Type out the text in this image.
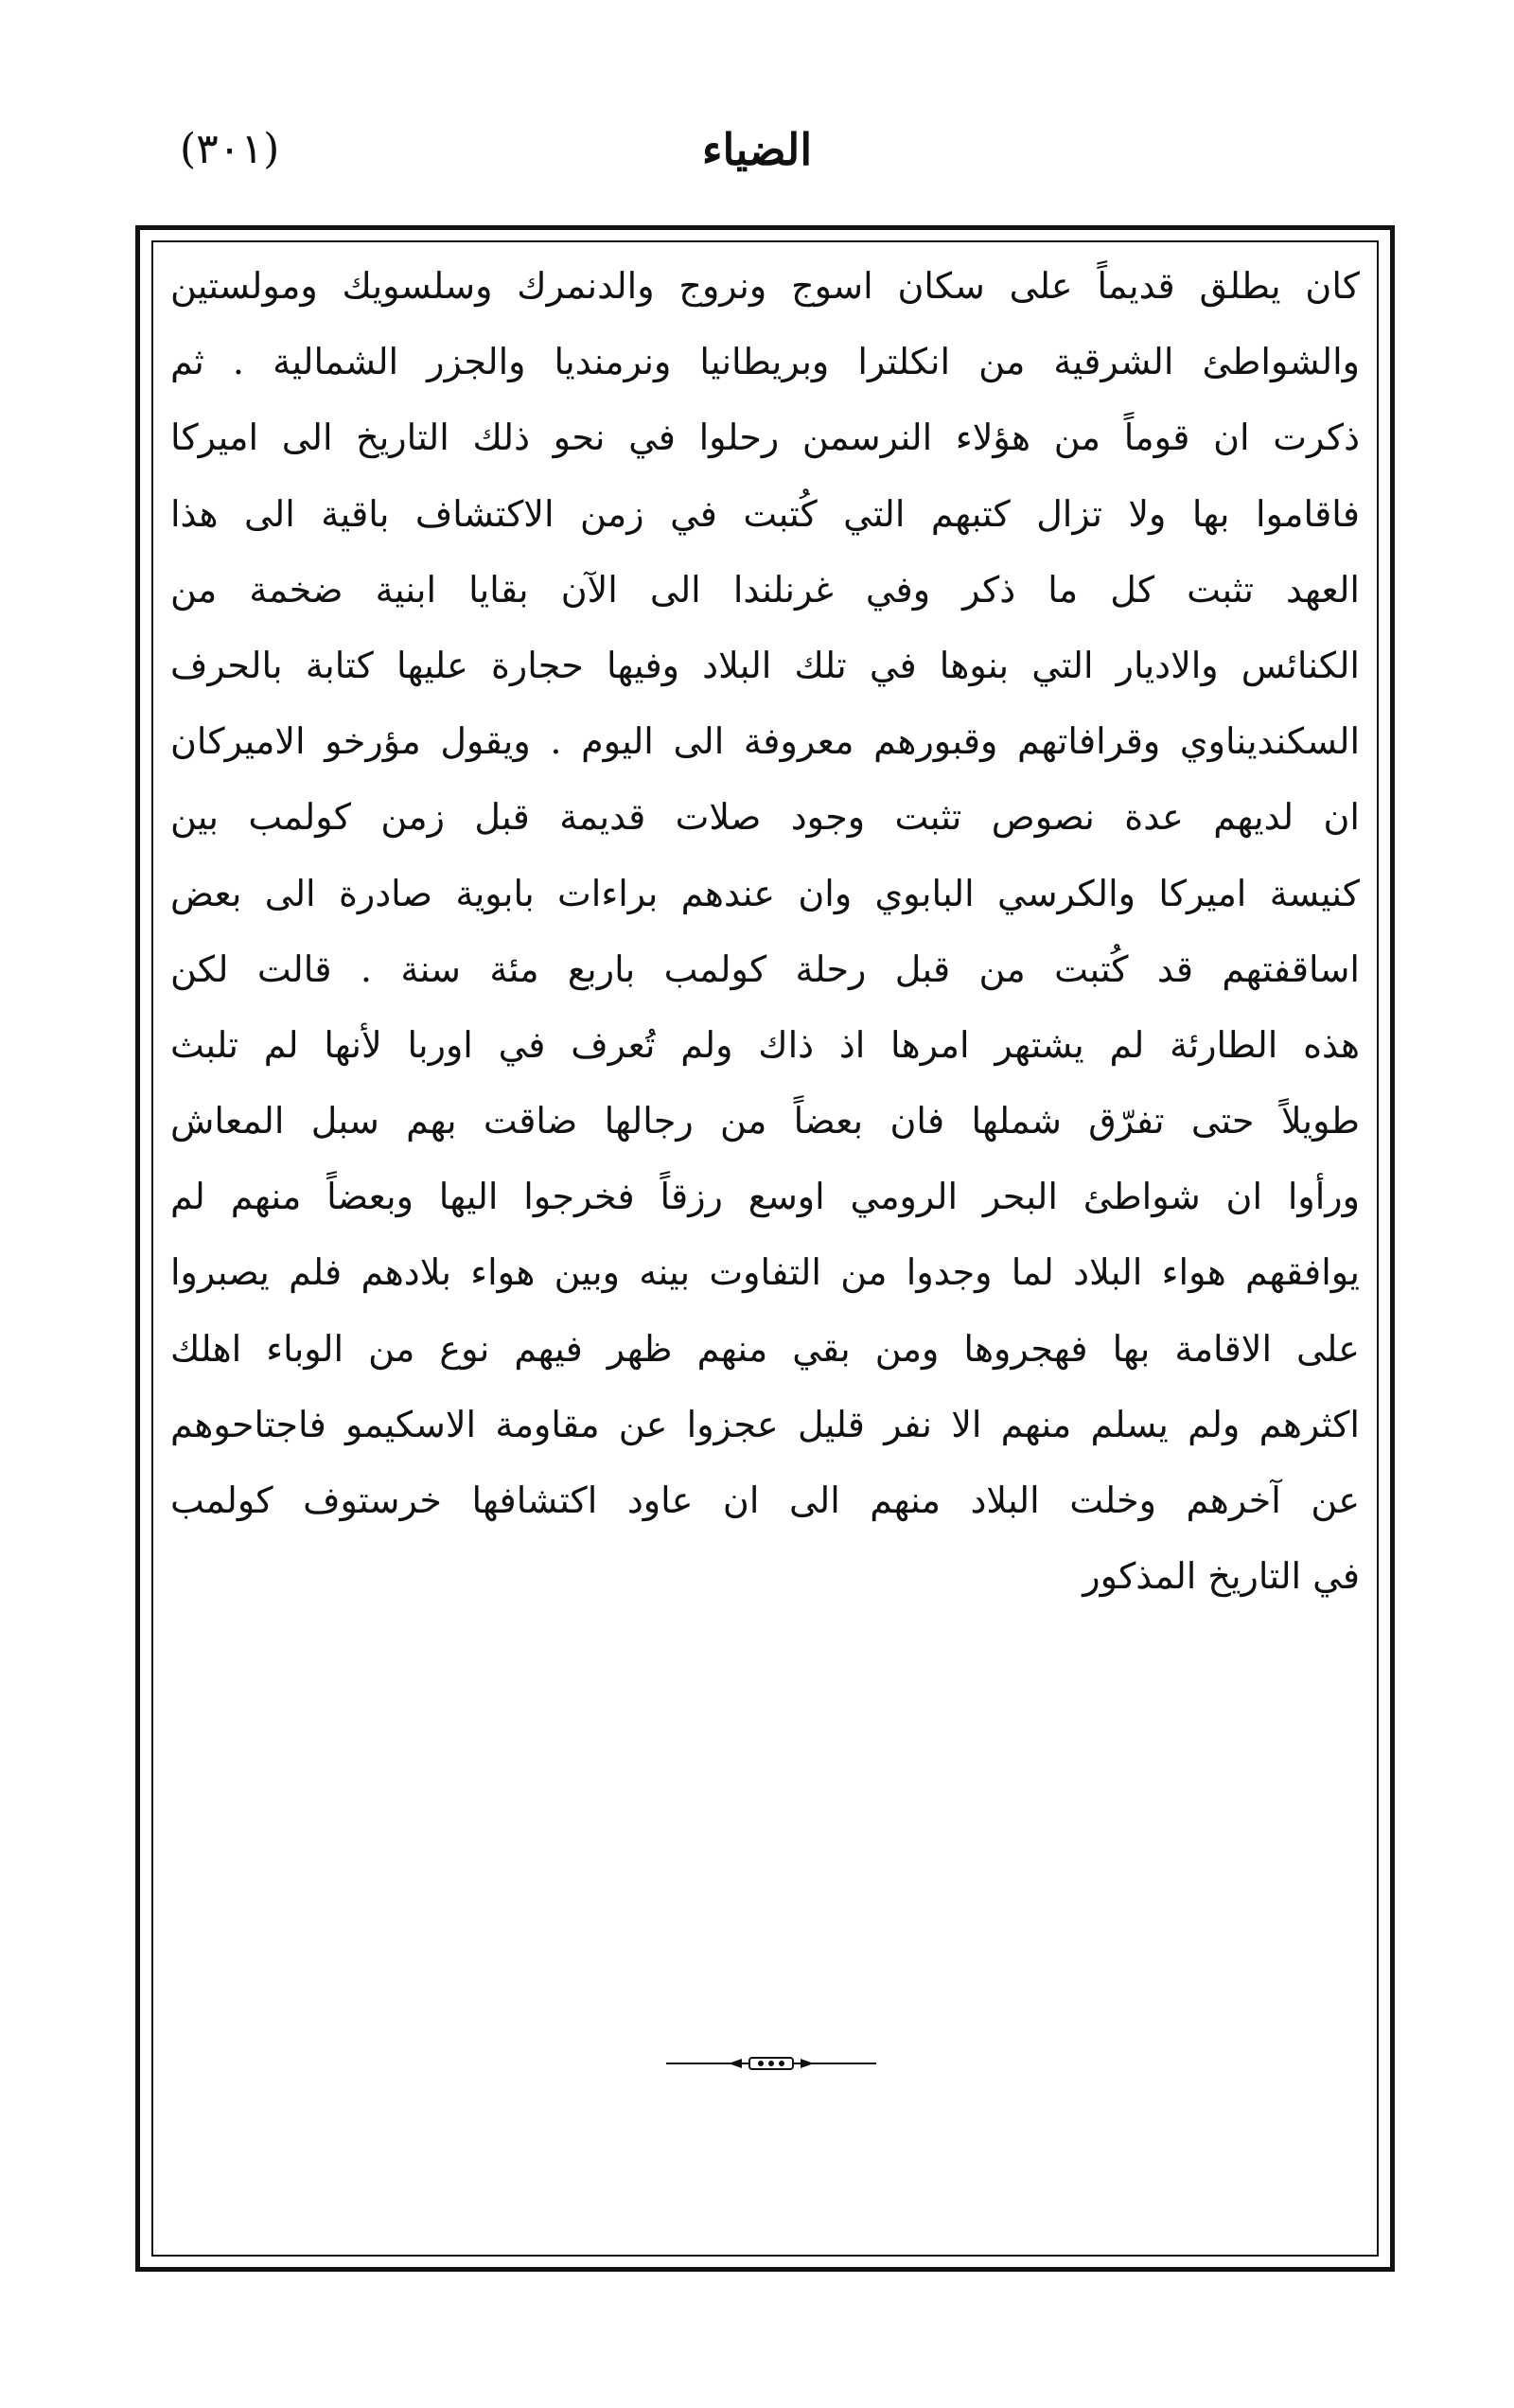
الضياء
(٣٠١)
كان يطلق قديماً على سكان اسوج ونروج والدنمرك وسلسويك ومولستين
والشواطئ الشرقية من انكلترا وبريطانيا ونرمنديا والجزر الشمالية . ثم
ذكرت ان قوماً من هؤلاء النرسمن رحلوا في نحو ذلك التاريخ الى اميركا
فاقاموا بها ولا تزال كتبهم التي كُتبت في زمن الاكتشاف باقية الى هذا
العهد تثبت كل ما ذكر وفي غرنلندا الى الآن بقايا ابنية ضخمة من
الكنائس والاديار التي بنوها في تلك البلاد وفيها حجارة عليها كتابة بالحرف
السكنديناوي وقرافاتهم وقبورهم معروفة الى اليوم . ويقول مؤرخو الاميركان
ان لديهم عدة نصوص تثبت وجود صلات قديمة قبل زمن كولمب بين
كنيسة اميركا والكرسي البابوي وان عندهم براءات بابوية صادرة الى بعض
اساقفتهم قد كُتبت من قبل رحلة كولمب باربع مئة سنة . قالت لكن
هذه الطارئة لم يشتهر امرها اذ ذاك ولم تُعرف في اوربا لأنها لم تلبث
طويلاً حتى تفرّق شملها فان بعضاً من رجالها ضاقت بهم سبل المعاش
ورأوا ان شواطئ البحر الرومي اوسع رزقاً فخرجوا اليها وبعضاً منهم لم
يوافقهم هواء البلاد لما وجدوا من التفاوت بينه وبين هواء بلادهم فلم يصبروا
على الاقامة بها فهجروها ومن بقي منهم ظهر فيهم نوع من الوباء اهلك
اكثرهم ولم يسلم منهم الا نفر قليل عجزوا عن مقاومة الاسكيمو فاجتاحوهم
عن آخرهم وخلت البلاد منهم الى ان عاود اكتشافها خرستوف كولمب
في التاريخ المذكور
